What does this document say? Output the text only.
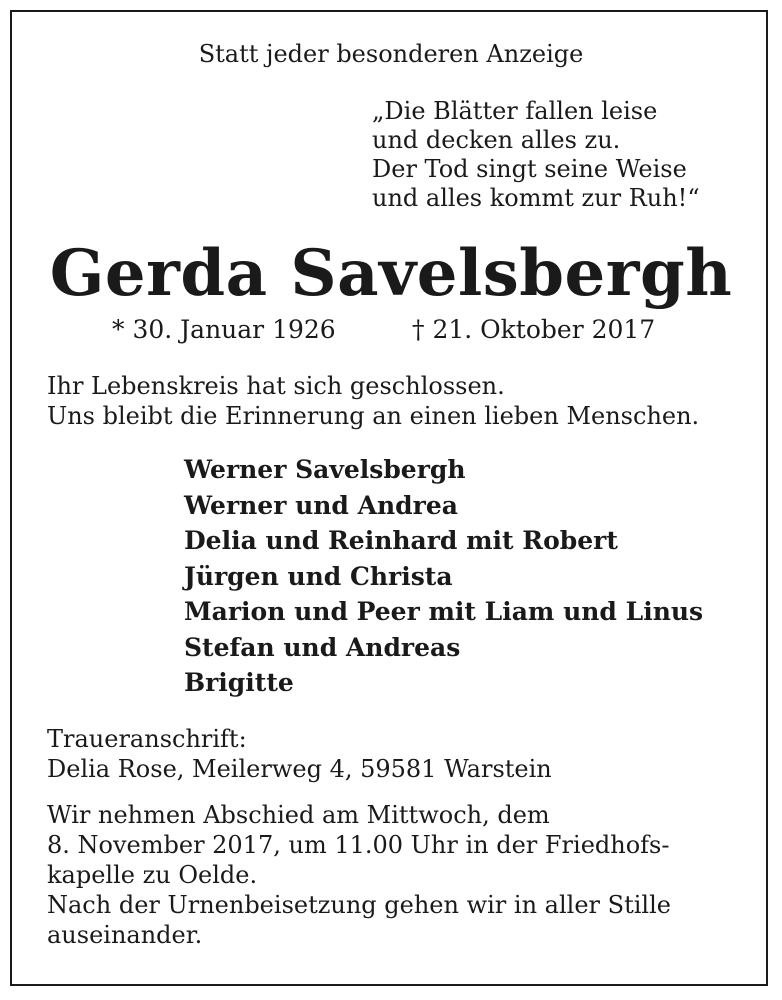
Statt jeder besonderen Anzeige
„Die Blätter fallen leise
und decken alles zu.
Der Tod singt seine Weise
und alles kommt zur Ruh!“
Gerda Savelsbergh
* 30. Januar 1926	† 21. Oktober 2017
Ihr Lebenskreis hat sich geschlossen.
Uns bleibt die Erinnerung an einen lieben Menschen.
Werner Savelsbergh
Werner und Andrea
Delia und Reinhard mit Robert
Jürgen und Christa
Marion und Peer mit Liam und Linus
Stefan und Andreas
Brigitte
Traueranschrift:
Delia Rose, Meilerweg 4, 59581 Warstein
Wir nehmen Abschied am Mittwoch, dem
8. November 2017, um 11.00 Uhr in der Friedhofs-
kapelle zu Oelde.
Nach der Urnenbeisetzung gehen wir in aller Stille
auseinander.
